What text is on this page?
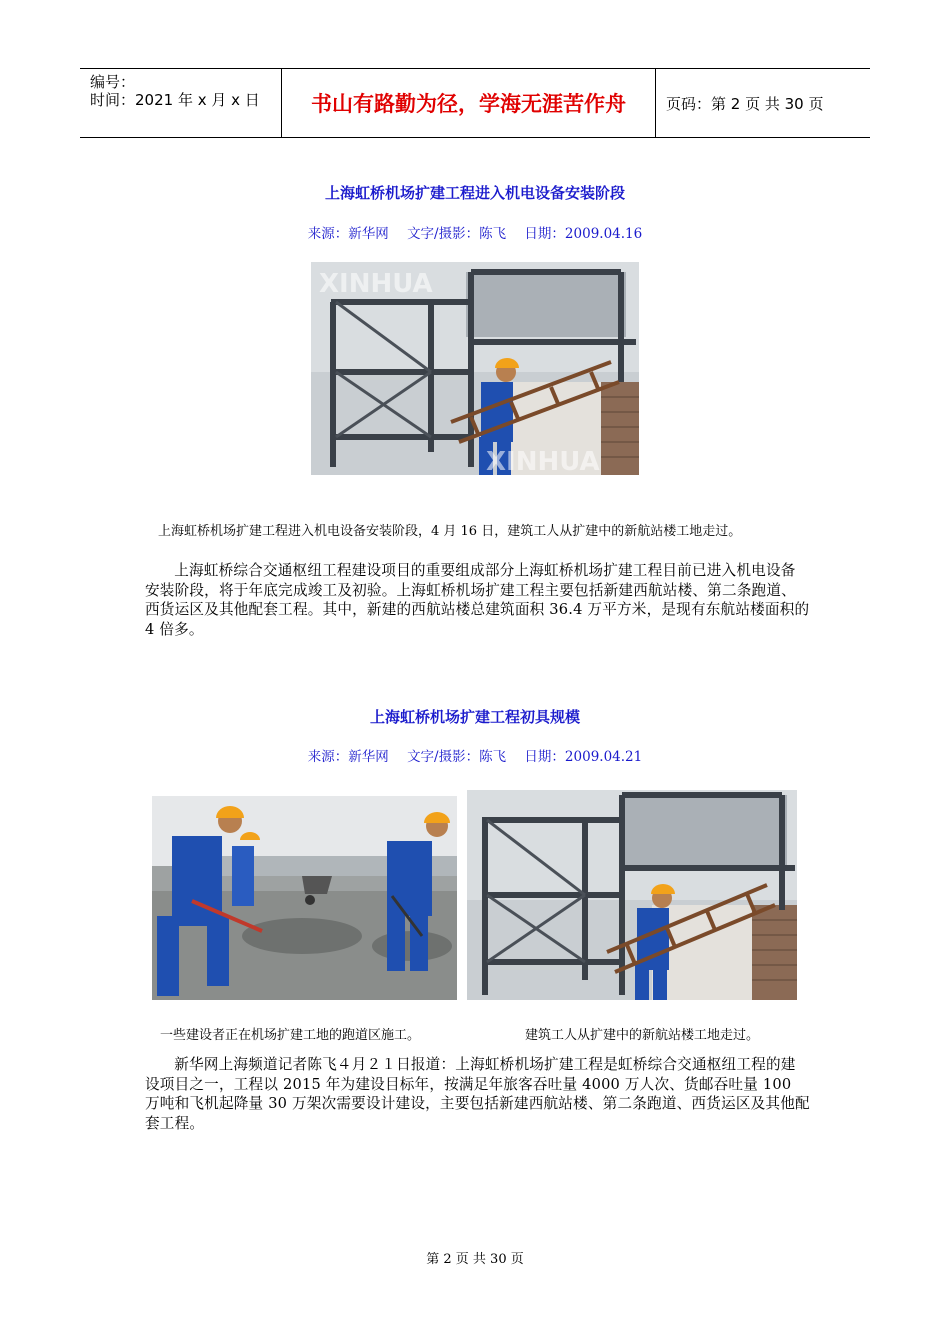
编号：
时间：2021 年 x 月 x 日	书山有路勤为径，学海无涯苦作舟	页码：第 2 页 共 30 页
上海虹桥机场扩建工程进入机电设备安装阶段
来源：新华网 文字/摄影：陈飞 日期：2009.04.16
XINHUA
XINHUA
上海虹桥机场扩建工程进入机电设备安装阶段，4 月 16 日，建筑工人从扩建中的新航站楼工地走过。
上海虹桥综合交通枢纽工程建设项目的重要组成部分上海虹桥机场扩建工程目前已进入机电设备安装阶段，将于年底完成竣工及初验。上海虹桥机场扩建工程主要包括新建西航站楼、第二条跑道、西货运区及其他配套工程。其中，新建的西航站楼总建筑面积 36.4 万平方米，是现有东航站楼面积的 4 倍多。
上海虹桥机场扩建工程初具规模
来源：新华网 文字/摄影：陈飞 日期：2009.04.21
一些建设者正在机场扩建工地的跑道区施工。	建筑工人从扩建中的新航站楼工地走过。
新华网上海频道记者陈飞４月２１日报道：上海虹桥机场扩建工程是虹桥综合交通枢纽工程的建设项目之一，工程以 2015 年为建设目标年，按满足年旅客吞吐量 4000 万人次、货邮吞吐量 100 万吨和飞机起降量 30 万架次需要设计建设，主要包括新建西航站楼、第二条跑道、西货运区及其他配套工程。
第 2 页 共 30 页
